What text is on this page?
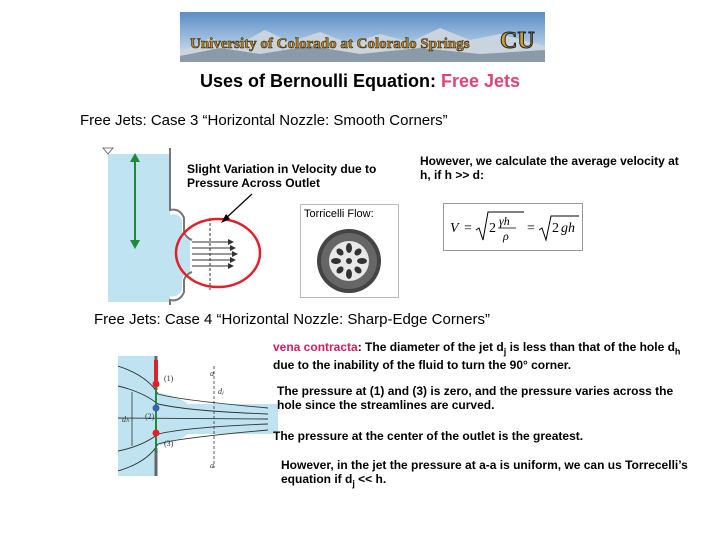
University of Colorado at Colorado Springs CU
Uses of Bernoulli Equation: Free Jets
Free Jets: Case 3 “Horizontal Nozzle: Smooth Corners”
Slight Variation in Velocity due to Pressure Across Outlet
However, we calculate the average velocity at h, if h >> d:
Torricelli Flow:
V = 2 γh
ρ = 2 gh
Free Jets: Case 4 “Horizontal Nozzle: Sharp-Edge Corners”
(1)
(2)
(3)
dₕ
dⱼ
a
a
vena contracta: The diameter of the jet $d_j$ is less than that of the hole $d_h$ due to the inability of the fluid to turn the 90° corner.
The pressure at (1) and (3) is zero, and the pressure varies across the hole since the streamlines are curved.
The pressure at the center of the outlet is the greatest.
However, in the jet the pressure at a-a is uniform, we can us Torrecelli’s equation if $d_j << h$.
